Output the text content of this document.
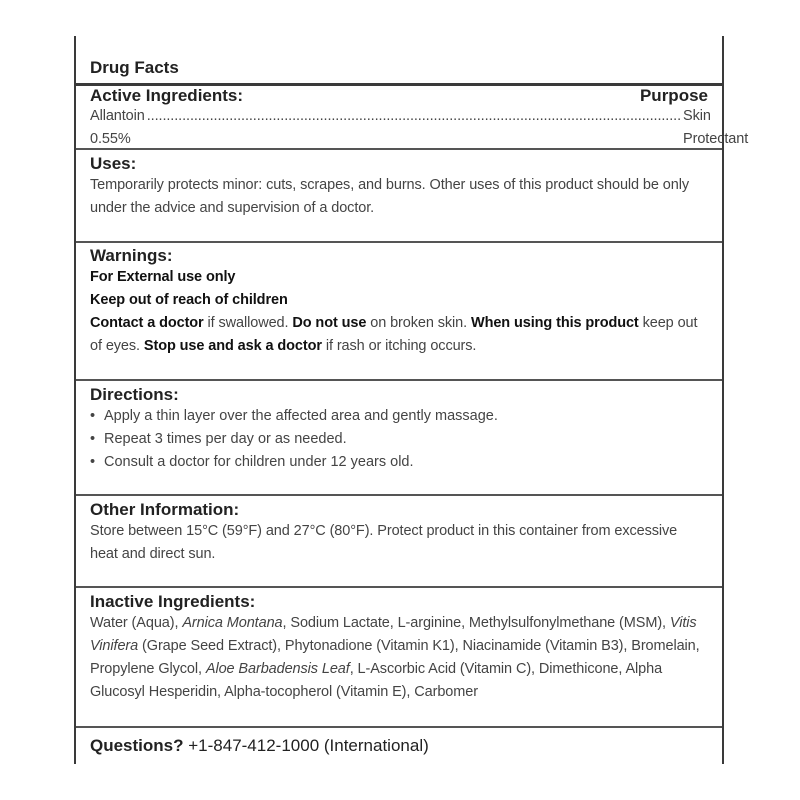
Drug Facts
Active Ingredients:	Purpose
Allantoin 0.55%
........................................................................................................................................ Skin Protectant
Uses:
Temporarily protects minor: cuts, scrapes, and burns. Other uses of this product should be only under the advice and supervision of a doctor.
Warnings:
For External use only
Keep out of reach of children
Contact a doctor if swallowed. Do not use on broken skin. When using this product keep out of eyes. Stop use and ask a doctor if rash or itching occurs.
Directions:
• Apply a thin layer over the affected area and gently massage.
• Repeat 3 times per day or as needed.
• Consult a doctor for children under 12 years old.
Other Information:
Store between 15°C (59°F) and 27°C (80°F). Protect product in this container from excessive heat and direct sun.
Inactive Ingredients:
Water (Aqua), Arnica Montana, Sodium Lactate, L-arginine, Methylsulfonylmethane (MSM), Vitis Vinifera (Grape Seed Extract), Phytonadione (Vitamin K1), Niacinamide (Vitamin B3), Bromelain, Propylene Glycol, Aloe Barbadensis Leaf, L-Ascorbic Acid (Vitamin C), Dimethicone, Alpha Glucosyl Hesperidin, Alpha-tocopherol (Vitamin E), Carbomer
Questions? +1-847-412-1000 (International)
